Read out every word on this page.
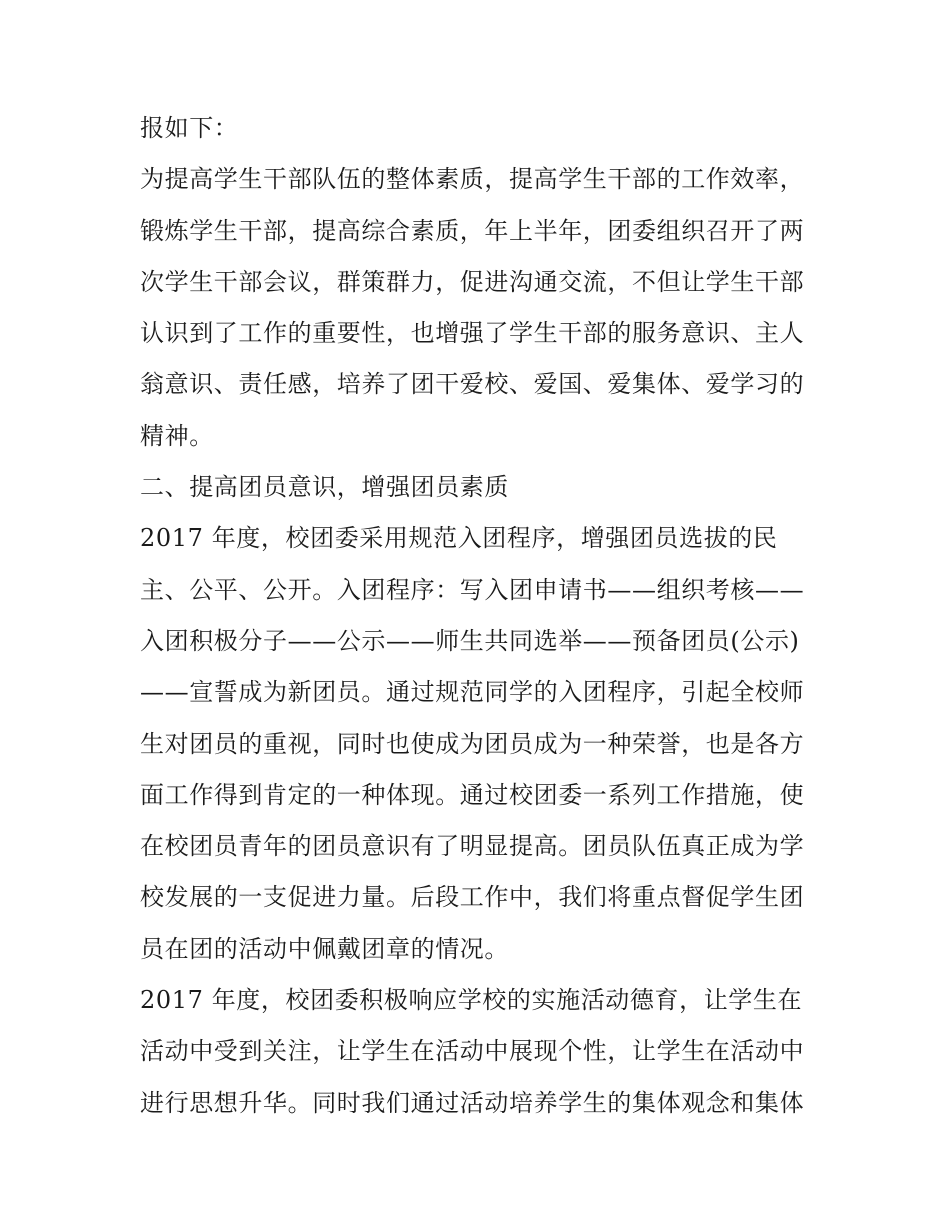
报如下：
为提高学生干部队伍的整体素质，提高学生干部的工作效率，
锻炼学生干部，提高综合素质，年上半年，团委组织召开了两
次学生干部会议，群策群力，促进沟通交流，不但让学生干部
认识到了工作的重要性，也增强了学生干部的服务意识、主人
翁意识、责任感，培养了团干爱校、爱国、爱集体、爱学习的
精神。
二、提高团员意识，增强团员素质
2017 年度，校团委采用规范入团程序，增强团员选拔的民
主、公平、公开。入团程序：写入团申请书——组织考核——
入团积极分子——公示——师生共同选举——预备团员(公示)
——宣誓成为新团员。通过规范同学的入团程序，引起全校师
生对团员的重视，同时也使成为团员成为一种荣誉，也是各方
面工作得到肯定的一种体现。通过校团委一系列工作措施，使
在校团员青年的团员意识有了明显提高。团员队伍真正成为学
校发展的一支促进力量。后段工作中，我们将重点督促学生团
员在团的活动中佩戴团章的情况。
2017 年度，校团委积极响应学校的实施活动德育，让学生在
活动中受到关注，让学生在活动中展现个性，让学生在活动中
进行思想升华。同时我们通过活动培养学生的集体观念和集体
